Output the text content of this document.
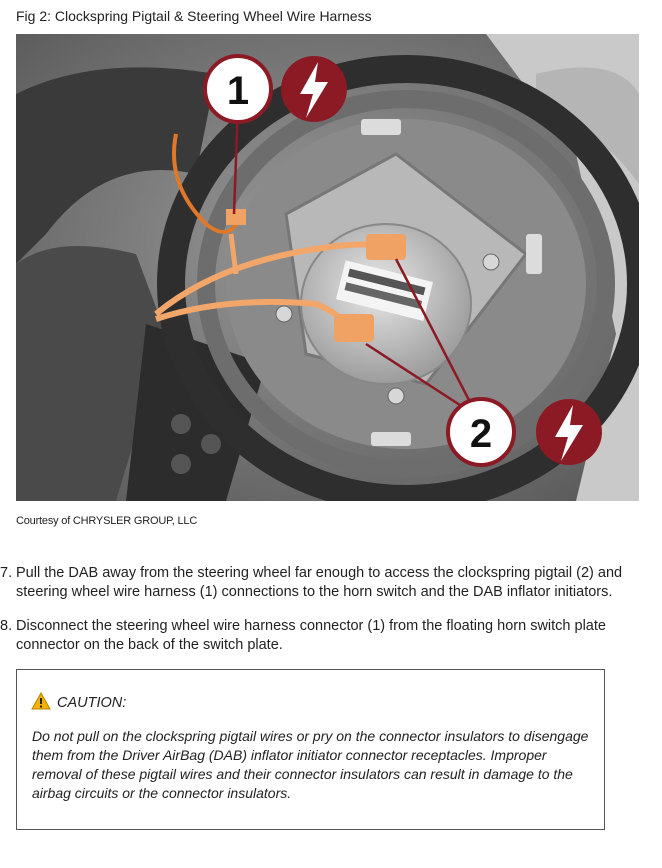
Fig 2: Clockspring Pigtail & Steering Wheel Wire Harness
1
2
Courtesy of CHRYSLER GROUP, LLC
7. Pull the DAB away from the steering wheel far enough to access the clockspring pigtail (2) and steering wheel wire harness (1) connections to the horn switch and the DAB inflator initiators.
8. Disconnect the steering wheel wire harness connector (1) from the floating horn switch plate connector on the back of the switch plate.
CAUTION:
Do not pull on the clockspring pigtail wires or pry on the connector insulators to disengage them from the Driver AirBag (DAB) inflator initiator connector receptacles. Improper removal of these pigtail wires and their connector insulators can result in damage to the airbag circuits or the connector insulators.
